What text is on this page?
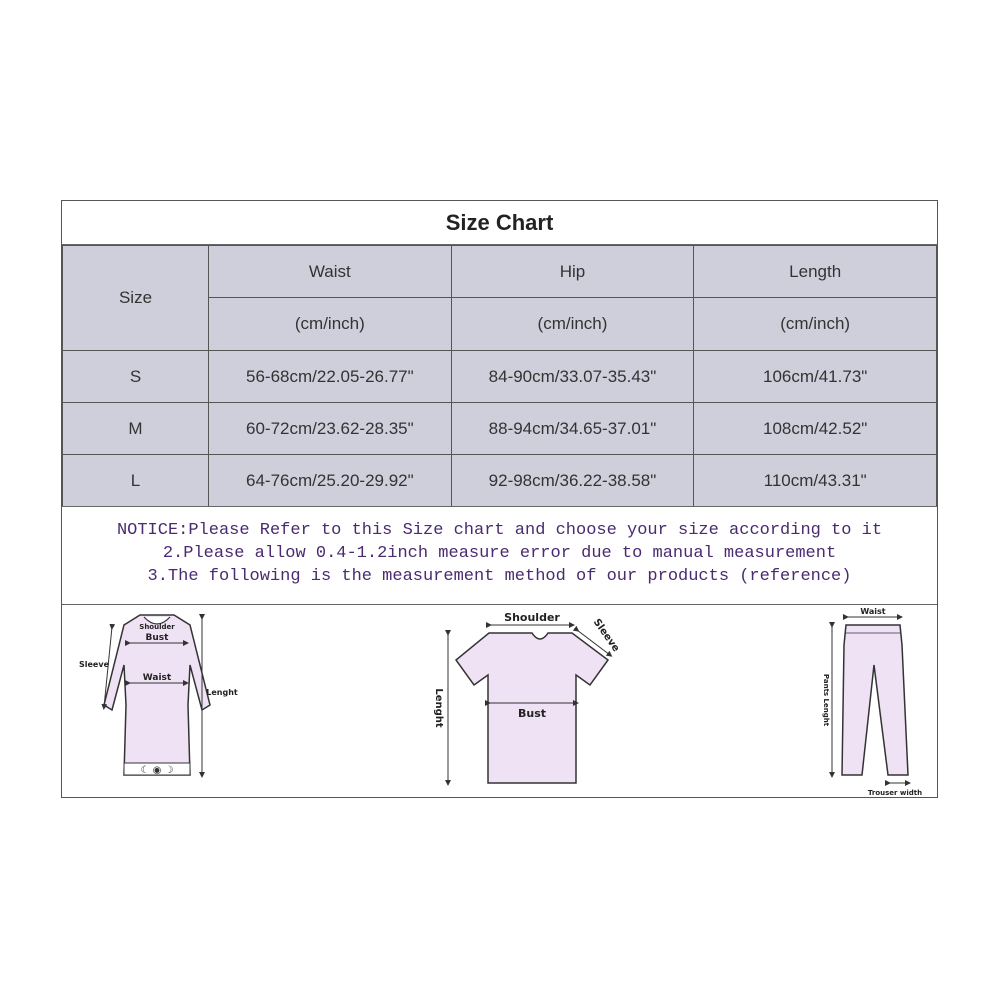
Size Chart
Size	Waist	Hip	Length
	(cm/inch)	(cm/inch)	(cm/inch)
S	56-68cm/22.05-26.77"	84-90cm/33.07-35.43"	106cm/41.73"
M	60-72cm/23.62-28.35"	88-94cm/34.65-37.01"	108cm/42.52"
L	64-76cm/25.20-29.92"	92-98cm/36.22-38.58"	110cm/43.31"
NOTICE:Please Refer to this Size chart and choose your size according to it
2.Please allow 0.4-1.2inch measure error due to manual measurement
3.The following is the measurement method of our products (reference)
☾ ◉ ☽
Shoulder
Bust
Waist
Sleeve
Lenght
Shoulder	Sleeve
Bust
Lenght
Waist
Pants Lenght
Trouser width
